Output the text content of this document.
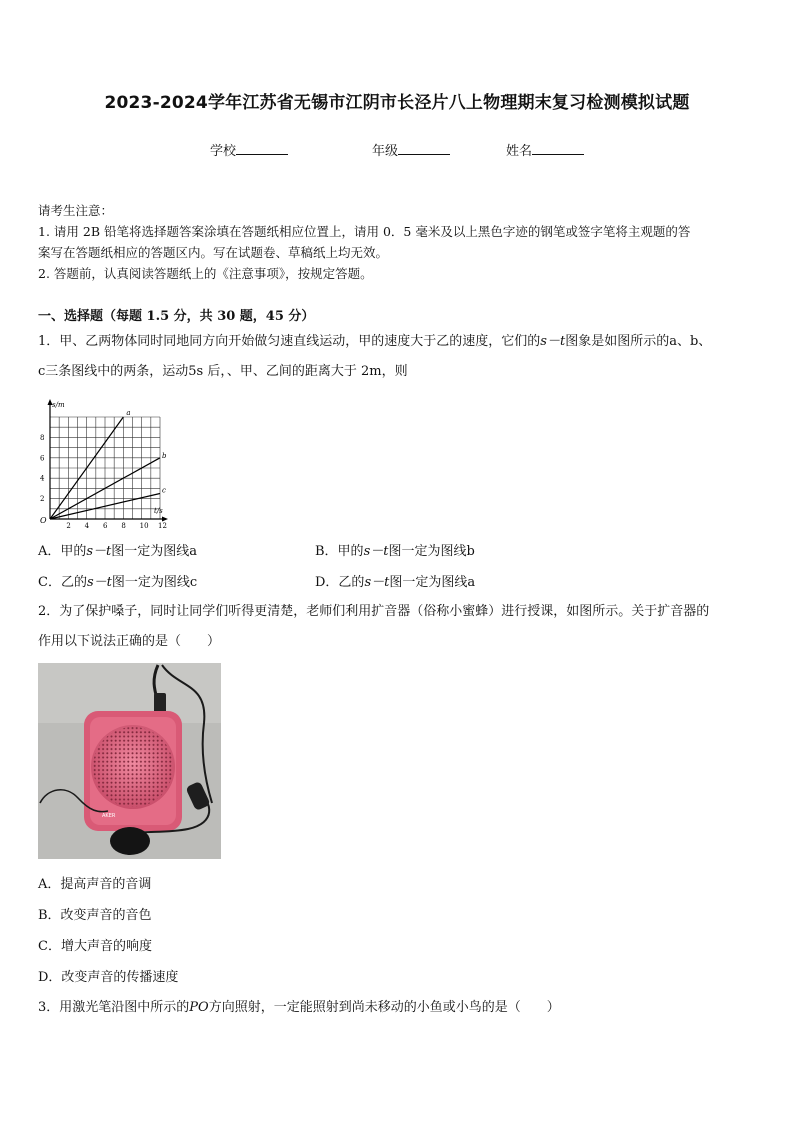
2023-2024学年江苏省无锡市江阴市长泾片八上物理期末复习检测模拟试题
学校	年级	姓名
请考生注意：
1. 请用 2B 铅笔将选择题答案涂填在答题纸相应位置上，请用 0．5 毫米及以上黑色字迹的钢笔或签字笔将主观题的答
案写在答题纸相应的答题区内。写在试题卷、草稿纸上均无效。
2. 答题前，认真阅读答题纸上的《注意事项》，按规定答题。
一、选择题（每题 1.5 分，共 30 题，45 分）
1．甲、乙两物体同时同地同方向开始做匀速直线运动，甲的速度大于乙的速度，它们的s－t图象是如图所示的a、b、
c三条图线中的两条，运动5s 后，、甲、乙间的距离大于 2m，则
a
b
c
2
4
6
8
2 4 6 8 10 12
O
s/m
t/s
A．甲的s－t图一定为图线a	B．甲的s－t图一定为图线b
C．乙的s－t图一定为图线c	D．乙的s－t图一定为图线a
2．为了保护嗓子，同时让同学们听得更清楚，老师们利用扩音器（俗称小蜜蜂）进行授课，如图所示。关于扩音器的
作用以下说法正确的是（　　）
AKER
A．提高声音的音调
B．改变声音的音色
C．增大声音的响度
D．改变声音的传播速度
3．用激光笔沿图中所示的PO方向照射，一定能照射到尚未移动的小鱼或小鸟的是（　　）
